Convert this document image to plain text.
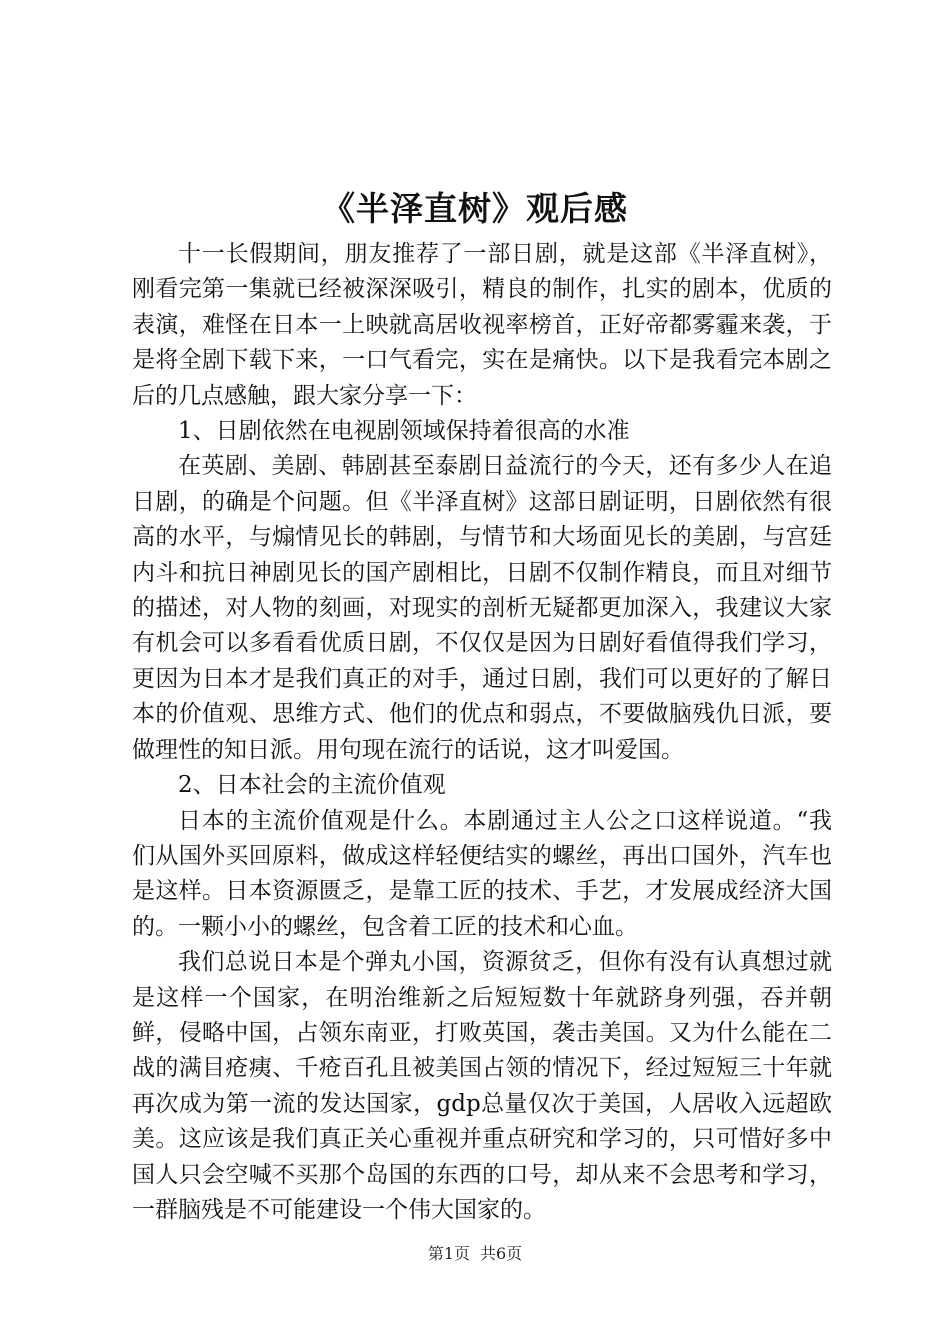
《半泽直树》观后感

十一长假期间，朋友推荐了一部日剧，就是这部《半泽直树》，刚看完第一集就已经被深深吸引，精良的制作，扎实的剧本，优质的表演，难怪在日本一上映就高居收视率榜首，正好帝都雾霾来袭，于是将全剧下载下来，一口气看完，实在是痛快。以下是我看完本剧之后的几点感触，跟大家分享一下：

1、日剧依然在电视剧领域保持着很高的水准

在英剧、美剧、韩剧甚至泰剧日益流行的今天，还有多少人在追日剧，的确是个问题。但《半泽直树》这部日剧证明，日剧依然有很高的水平，与煽情见长的韩剧，与情节和大场面见长的美剧，与宫廷内斗和抗日神剧见长的国产剧相比，日剧不仅制作精良，而且对细节的描述，对人物的刻画，对现实的剖析无疑都更加深入，我建议大家有机会可以多看看优质日剧，不仅仅是因为日剧好看值得我们学习，更因为日本才是我们真正的对手，通过日剧，我们可以更好的了解日本的价值观、思维方式、他们的优点和弱点，不要做脑残仇日派，要做理性的知日派。用句现在流行的话说，这才叫爱国。

2、日本社会的主流价值观

日本的主流价值观是什么。本剧通过主人公之口这样说道。“我们从国外买回原料，做成这样轻便结实的螺丝，再出口国外，汽车也是这样。日本资源匮乏，是靠工匠的技术、手艺，才发展成经济大国的。一颗小小的螺丝，包含着工匠的技术和心血。

我们总说日本是个弹丸小国，资源贫乏，但你有没有认真想过就是这样一个国家，在明治维新之后短短数十年就跻身列强，吞并朝鲜，侵略中国，占领东南亚，打败英国，袭击美国。又为什么能在二战的满目疮痍、千疮百孔且被美国占领的情况下，经过短短三十年就再次成为第一流的发达国家，gdp总量仅次于美国，人居收入远超欧美。这应该是我们真正关心重视并重点研究和学习的，只可惜好多中国人只会空喊不买那个岛国的东西的口号，却从来不会思考和学习，一群脑残是不可能建设一个伟大国家的。

第1页 共6页
